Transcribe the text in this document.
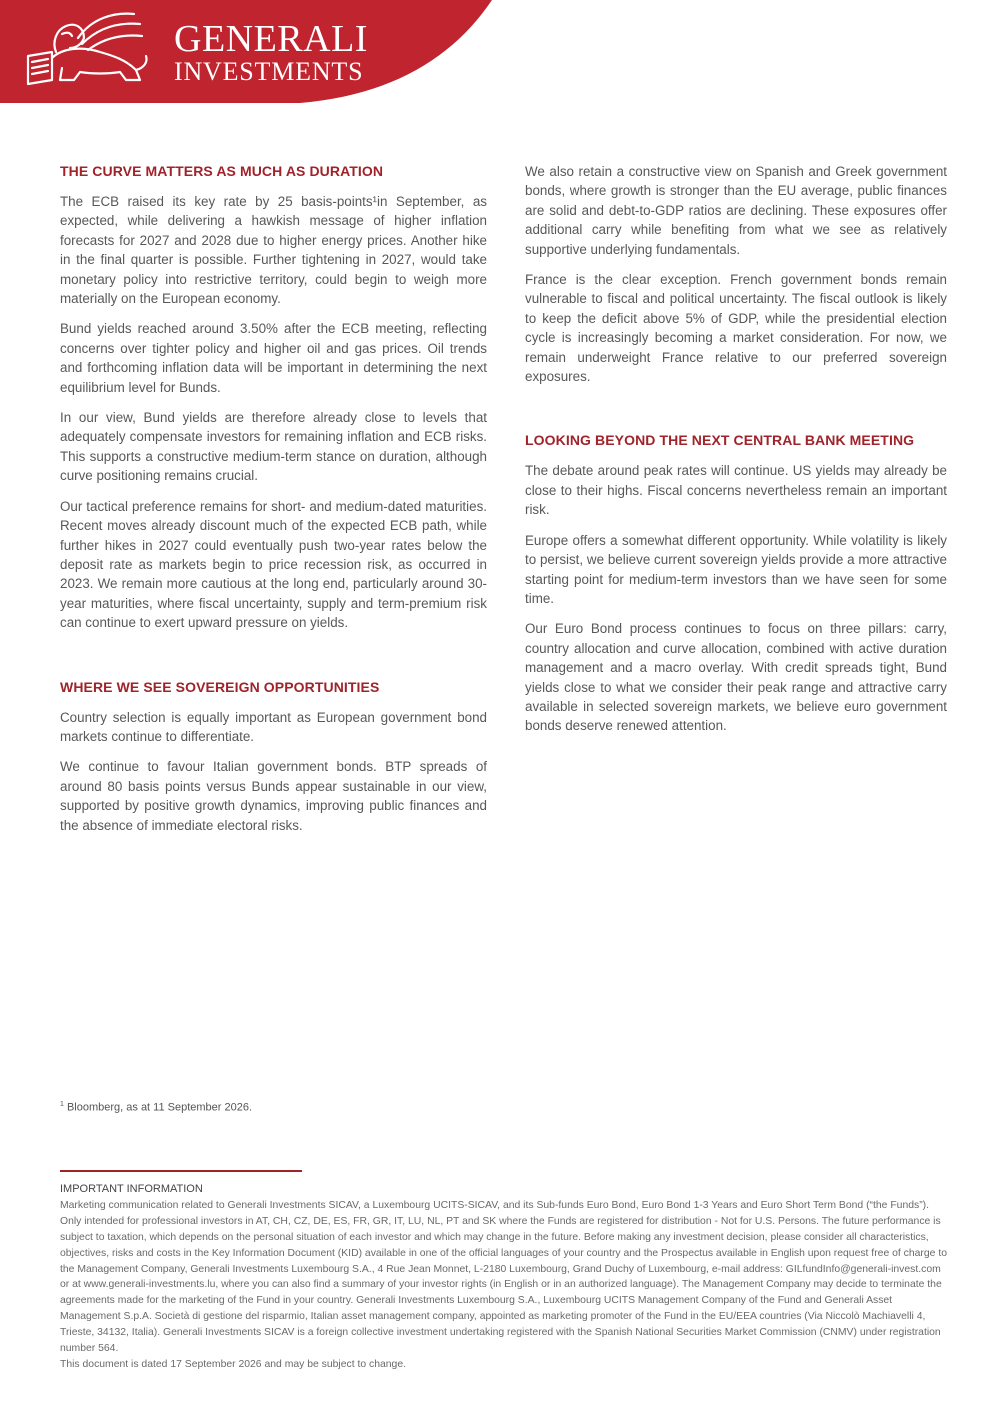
GENERALI
INVESTMENTS
THE CURVE MATTERS AS MUCH AS DURATION

The ECB raised its key rate by 25 basis-points¹in September, as expected, while delivering a hawkish message of higher inflation forecasts for 2027 and 2028 due to higher energy prices. Another hike in the final quarter is possible. Further tightening in 2027, would take monetary policy into restrictive territory, could begin to weigh more materially on the European economy.

Bund yields reached around 3.50% after the ECB meeting, reflecting concerns over tighter policy and higher oil and gas prices. Oil trends and forthcoming inflation data will be important in determining the next equilibrium level for Bunds.

In our view, Bund yields are therefore already close to levels that adequately compensate investors for remaining inflation and ECB risks. This supports a constructive medium-term stance on duration, although curve positioning remains crucial.

Our tactical preference remains for short- and medium-dated maturities. Recent moves already discount much of the expected ECB path, while further hikes in 2027 could eventually push two-year rates below the deposit rate as markets begin to price recession risk, as occurred in 2023. We remain more cautious at the long end, particularly around 30-year maturities, where fiscal uncertainty, supply and term-premium risk can continue to exert upward pressure on yields.

WHERE WE SEE SOVEREIGN OPPORTUNITIES

Country selection is equally important as European government bond markets continue to differentiate.

We continue to favour Italian government bonds. BTP spreads of around 80 basis points versus Bunds appear sustainable in our view, supported by positive growth dynamics, improving public finances and the absence of immediate electoral risks.

We also retain a constructive view on Spanish and Greek government bonds, where growth is stronger than the EU average, public finances are solid and debt-to-GDP ratios are declining. These exposures offer additional carry while benefiting from what we see as relatively supportive underlying fundamentals.

France is the clear exception. French government bonds remain vulnerable to fiscal and political uncertainty. The fiscal outlook is likely to keep the deficit above 5% of GDP, while the presidential election cycle is increasingly becoming a market consideration. For now, we remain underweight France relative to our preferred sovereign exposures.

LOOKING BEYOND THE NEXT CENTRAL BANK MEETING

The debate around peak rates will continue. US yields may already be close to their highs. Fiscal concerns nevertheless remain an important risk.

Europe offers a somewhat different opportunity. While volatility is likely to persist, we believe current sovereign yields provide a more attractive starting point for medium-term investors than we have seen for some time.

Our Euro Bond process continues to focus on three pillars: carry, country allocation and curve allocation, combined with active duration management and a macro overlay. With credit spreads tight, Bund yields close to what we consider their peak range and attractive carry available in selected sovereign markets, we believe euro government bonds deserve renewed attention.

$^1$ Bloomberg, as at 11 September 2026.
IMPORTANT INFORMATION
Marketing communication related to Generali Investments SICAV, a Luxembourg UCITS-SICAV, and its Sub-funds Euro Bond, Euro Bond 1-3 Years and Euro Short Term Bond (“the Funds”). Only intended for professional investors in AT, CH, CZ, DE, ES, FR, GR, IT, LU, NL, PT and SK where the Funds are registered for distribution - Not for U.S. Persons. The future performance is subject to taxation, which depends on the personal situation of each investor and which may change in the future. Before making any investment decision, please consider all characteristics, objectives, risks and costs in the Key Information Document (KID) available in one of the official languages of your country and the Prospectus available in English upon request free of charge to the Management Company, Generali Investments Luxembourg S.A., 4 Rue Jean Monnet, L-2180 Luxembourg, Grand Duchy of Luxembourg, e-mail address: GILfundInfo@generali-invest.com or at www.generali-investments.lu, where you can also find a summary of your investor rights (in English or in an authorized language). The Management Company may decide to terminate the agreements made for the marketing of the Fund in your country. Generali Investments Luxembourg S.A., Luxembourg UCITS Management Company of the Fund and Generali Asset Management S.p.A. Società di gestione del risparmio, Italian asset management company, appointed as marketing promoter of the Fund in the EU/EEA countries (Via Niccolò Machiavelli 4, Trieste, 34132, Italia). Generali Investments SICAV is a foreign collective investment undertaking registered with the Spanish National Securities Market Commission (CNMV) under registration number 564.
This document is dated 17 September 2026 and may be subject to change.
